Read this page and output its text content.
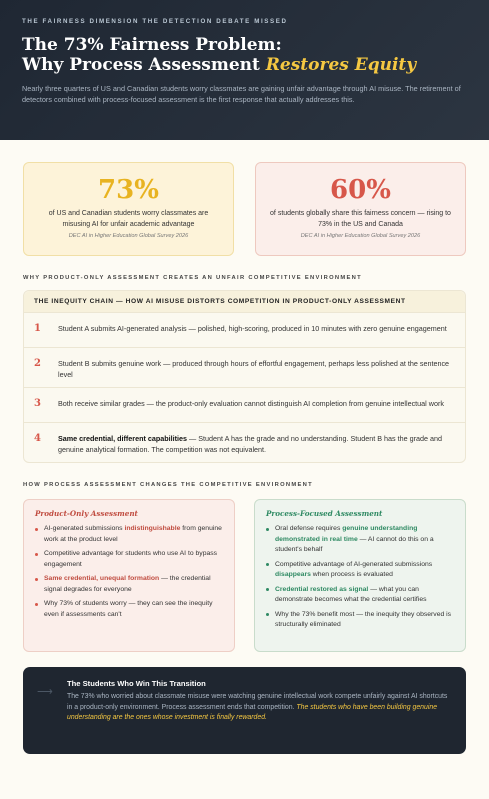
THE FAIRNESS DIMENSION THE DETECTION DEBATE MISSED
The 73% Fairness Problem:
Why Process Assessment Restores Equity

Nearly three quarters of US and Canadian students worry classmates are gaining unfair advantage through AI misuse. The retirement of detectors combined with process-focused assessment is the first response that actually addresses this.

73%
of US and Canadian students worry classmates are misusing AI for unfair academic advantage
DEC AI in Higher Education Global Survey 2026
60%
of students globally share this fairness concern — rising to 73% in the US and Canada
DEC AI in Higher Education Global Survey 2026
WHY PRODUCT-ONLY ASSESSMENT CREATES AN UNFAIR COMPETITIVE ENVIRONMENT
THE INEQUITY CHAIN — HOW AI MISUSE DISTORTS COMPETITION IN PRODUCT-ONLY ASSESSMENT
1	Student A submits AI-generated analysis — polished, high-scoring, produced in 10 minutes with zero genuine engagement
2	Student B submits genuine work — produced through hours of effortful engagement, perhaps less polished at the sentence level
3	Both receive similar grades — the product-only evaluation cannot distinguish AI completion from genuine intellectual work
4	Same credential, different capabilities — Student A has the grade and no understanding. Student B has the grade and genuine analytical formation. The competition was not equivalent.
HOW PROCESS ASSESSMENT CHANGES THE COMPETITIVE ENVIRONMENT
Product-Only Assessment
AI-generated submissions indistinguishable from genuine work at the product level
Competitive advantage for students who use AI to bypass engagement
Same credential, unequal formation — the credential signal degrades for everyone
Why 73% of students worry — they can see the inequity even if assessments can't
Process-Focused Assessment
Oral defense requires genuine understanding demonstrated in real time — AI cannot do this on a student's behalf
Competitive advantage of AI-generated submissions disappears when process is evaluated
Credential restored as signal — what you can demonstrate becomes what the credential certifies
Why the 73% benefit most — the inequity they observed is structurally eliminated
⟶
The Students Who Win This Transition

The 73% who worried about classmate misuse were watching genuine intellectual work compete unfairly against AI shortcuts in a product-only environment. Process assessment ends that competition. The students who have been building genuine understanding are the ones whose investment is finally rewarded.
